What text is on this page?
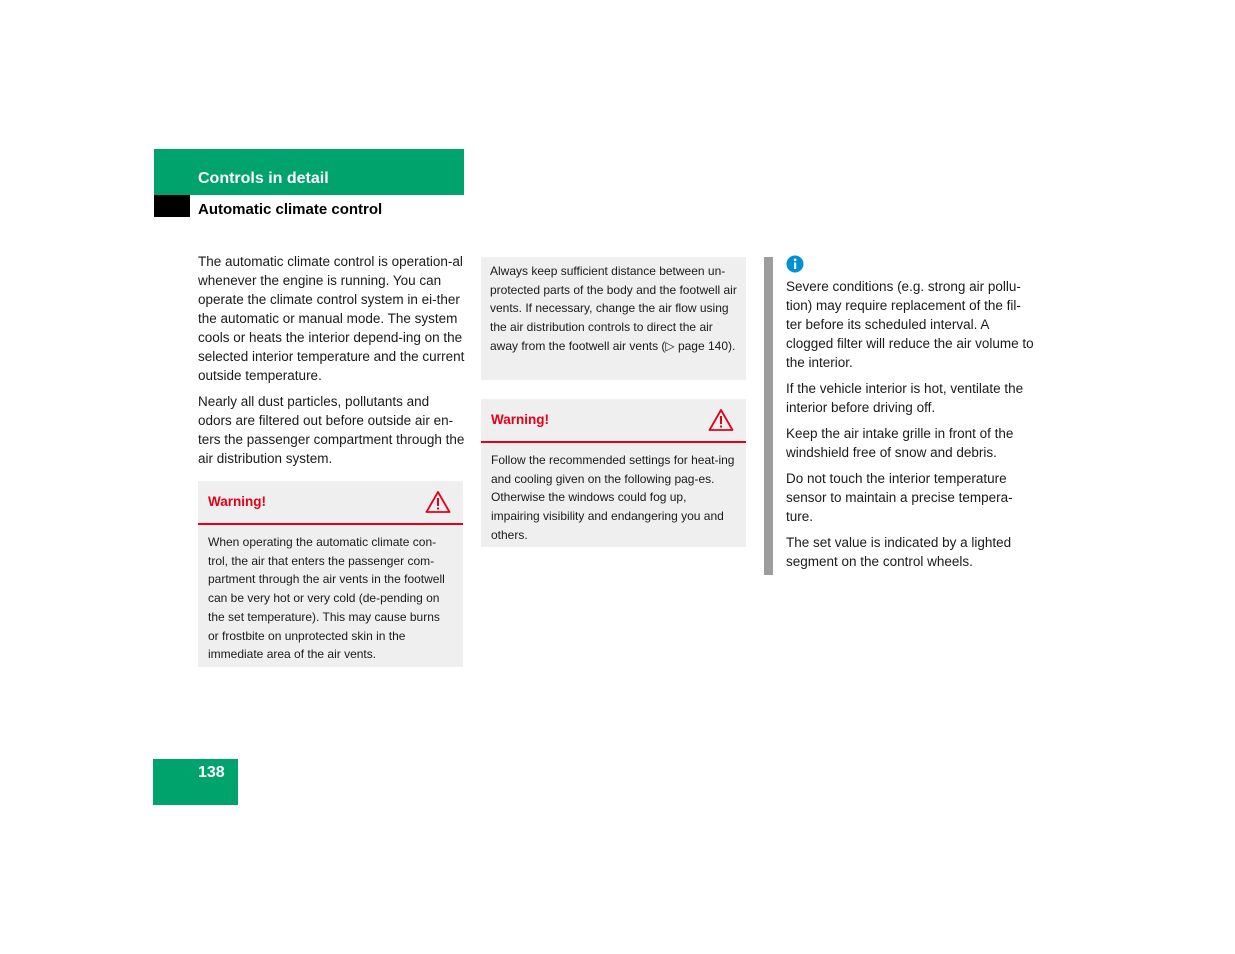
Controls in detail
Automatic climate control

The automatic climate control is operation-al whenever the engine is running. You can operate the climate control system in ei-ther the automatic or manual mode. The system cools or heats the interior depend-ing on the selected interior temperature and the current outside temperature.

Nearly all dust particles, pollutants and odors are filtered out before outside air en-ters the passenger compartment through the air distribution system.

Warning!
When operating the automatic climate con-trol, the air that enters the passenger com-partment through the air vents in the footwell can be very hot or very cold (de-pending on the set temperature). This may cause burns or frostbite on unprotected skin in the immediate area of the air vents.
Always keep sufficient distance between un-protected parts of the body and the footwell air vents. If necessary, change the air flow using the air distribution controls to direct the air away from the footwell air vents (▷ page 140).
Warning!
Follow the recommended settings for heat-ing and cooling given on the following pag-es. Otherwise the windows could fog up, impairing visibility and endangering you and others.

Severe conditions (e.g. strong air pollu-tion) may require replacement of the fil-ter before its scheduled interval. A clogged filter will reduce the air volume to the interior.

If the vehicle interior is hot, ventilate the interior before driving off.

Keep the air intake grille in front of the windshield free of snow and debris.

Do not touch the interior temperature sensor to maintain a precise tempera-ture.

The set value is indicated by a lighted segment on the control wheels.

138
